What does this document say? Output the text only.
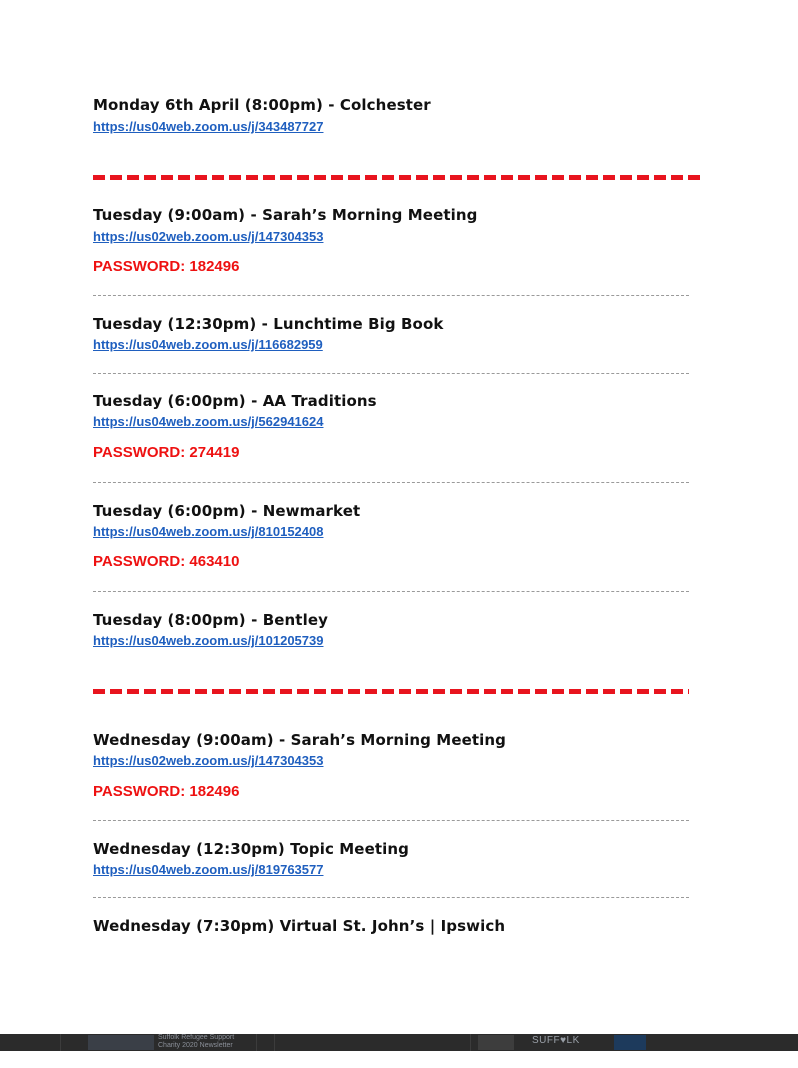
Monday 6th April (8:00pm) - Colchester
https://us04web.zoom.us/j/343487727
Tuesday (9:00am) - Sarah’s Morning Meeting
https://us02web.zoom.us/j/147304353
PASSWORD: 182496
Tuesday (12:30pm) - Lunchtime Big Book
https://us04web.zoom.us/j/116682959
Tuesday (6:00pm) - AA Traditions
https://us04web.zoom.us/j/562941624
PASSWORD: 274419
Tuesday (6:00pm) - Newmarket
https://us04web.zoom.us/j/810152408
PASSWORD: 463410
Tuesday (8:00pm) - Bentley
https://us04web.zoom.us/j/101205739
Wednesday (9:00am) - Sarah’s Morning Meeting
https://us02web.zoom.us/j/147304353
PASSWORD: 182496
Wednesday (12:30pm) Topic Meeting
https://us04web.zoom.us/j/819763577
Wednesday (7:30pm) Virtual St. John’s | Ipswich
Suffolk Refugee Support
Charity 2020 Newsletter	SUFF♥LK
